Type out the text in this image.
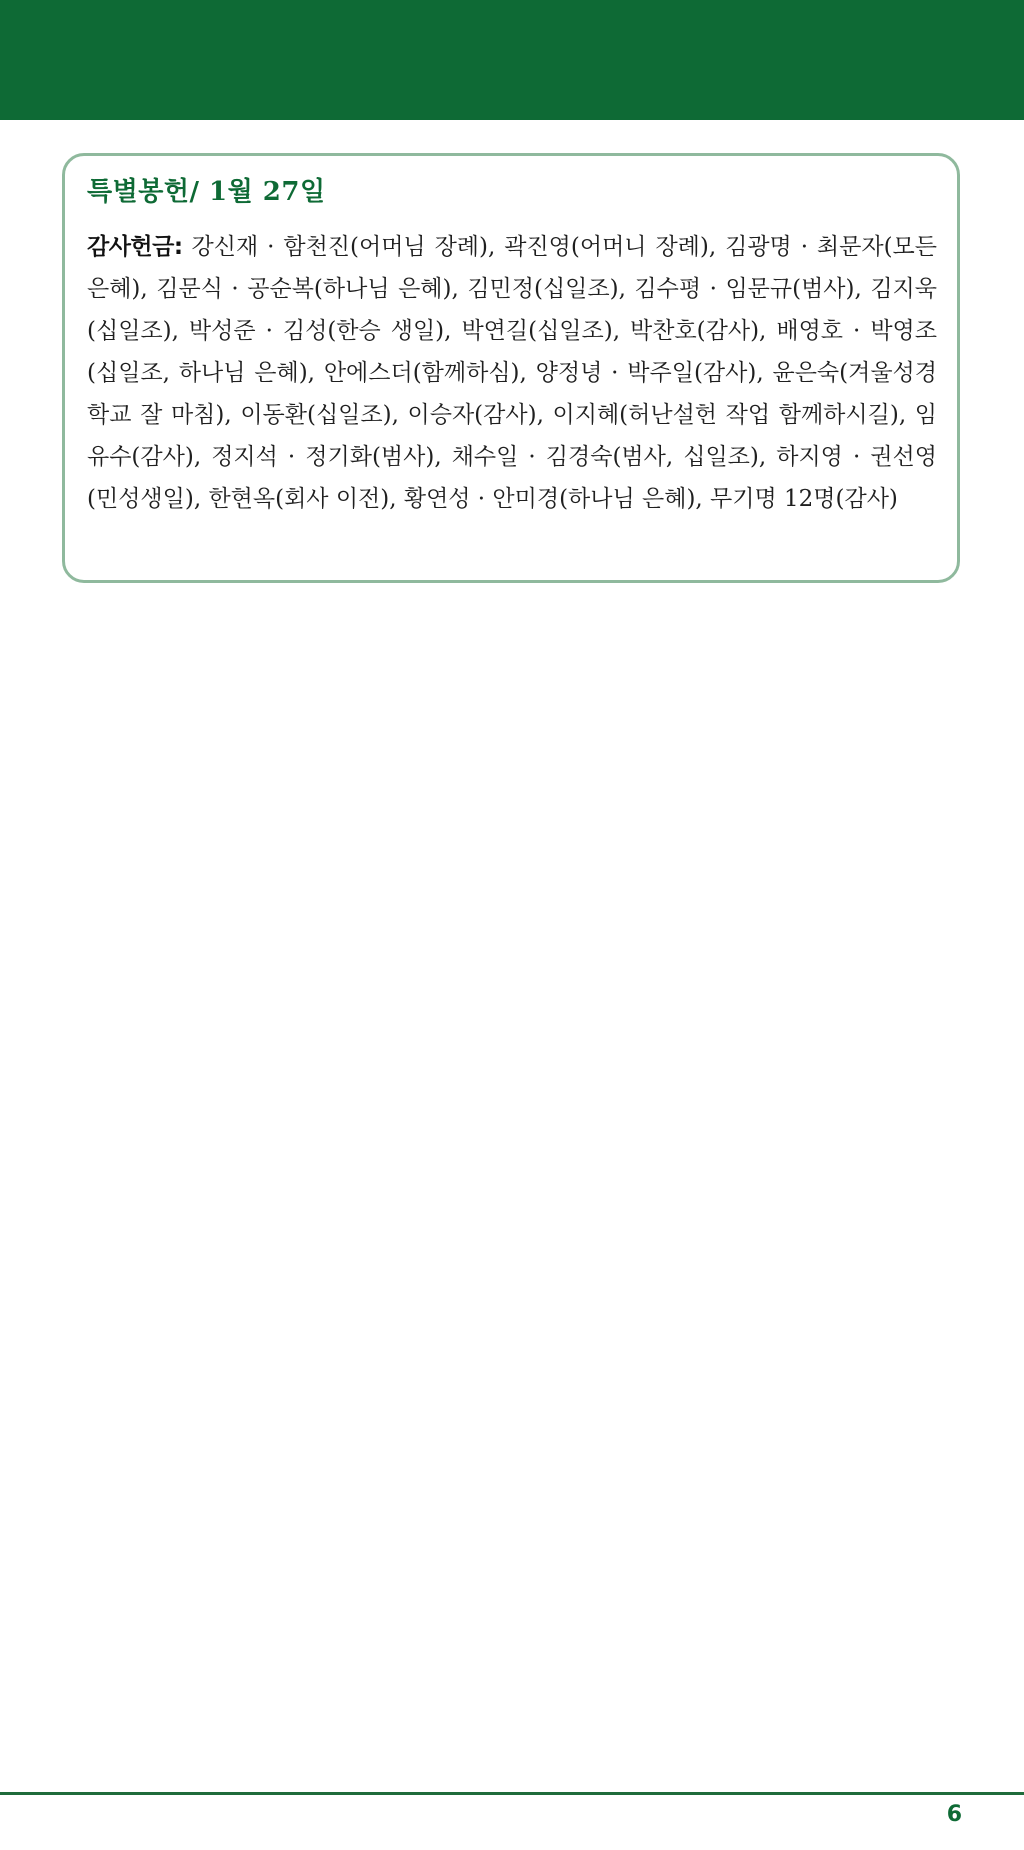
특별봉헌/ 1월 27일

감사헌금: 강신재 · 함천진(어머님 장례), 곽진영(어머니 장례), 김광명 · 최문자(모든 은혜), 김문식 · 공순복(하나님 은혜), 김민정(십일조), 김수평 · 임문규(범사), 김지욱(십일조), 박성준 · 김성(한승 생일), 박연길(십일조), 박찬호(감사), 배영호 · 박영조(십일조, 하나님 은혜), 안에스더(함께하심), 양정녕 · 박주일(감사), 윤은숙(겨울성경학교 잘 마침), 이동환(십일조), 이승자(감사), 이지혜(허난설헌 작업 함께하시길), 임유수(감사), 정지석 · 정기화(범사), 채수일 · 김경숙(범사, 십일조), 하지영 · 권선영(민성생일), 한현옥(회사 이전), 황연성 · 안미경(하나님 은혜), 무기명 12명(감사)

6
